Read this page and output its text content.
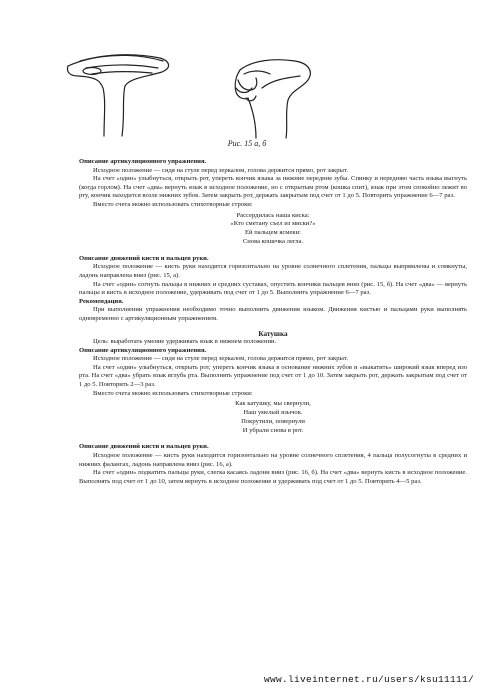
Рис. 15 а, б
Описание артикуляционного упражнения.
Исходное положение — сидя на стуле перед зеркалом, голова держится прямо, рот закрыт.
На счет «один» улыбнуться, открыть рот, упереть кончик языка за нижние передние зубы. Спинку и передняю часть языка выгнуть (когда горлом). На счет «два» вернуть язык в исходное положение, но с открытым ртом (кошка спит), язык при этом спокойно лежит во рту, кончик находится возле нижних зубов. Затем закрыть рот, держать закрытым под счет от 1 до 5. Повторить упражнение 6—7 раз.
Вместо счета можно использовать стихотворные строки:
Рассердилась наша киска:
«Кто сметану съел из миски?»
Ей пальцем ясмеки:
Снова кошечка легла.
Описание движений кисти и пальцев руки.
Исходное положение — кисть руки находится горизонтально на уровне солнечного сплетения, пальцы выпрямлены и сомкнуты, ладонь направлена вниз (рис. 15, а).
На счет «один» согнуть пальцы в нижних и средних суставах, опустить кончики пальцев вниз (рис. 15, б). На счет «два» — вернуть пальцы и кисть в исходное положение, удерживать под счет от 1 до 5. Выполнить упражнение 6—7 раз.
Рекомендация.
При выполнении упражнения необходимо точно выполнить движения языком. Движения кистью и пальцами руки выполнять одновременно с артикуляционным упражнением.
Катушка
Цель: выработать умение удерживать язык в нижнем положении.
Описание артикуляционного упражнения.
Исходное положение — сидя на стуле перед зеркалом, голова держится прямо, рот закрыт.
На счет «один» улыбнуться, открыть рот, упереть кончик языка в основание нижних зубов и «выкатить» широкий язык вперед изо рта. На счет «два» убрать язык вглубь рта. Выполнять упражнение под счет от 1 до 10. Затем закрыть рот, держать закрытым под счет от 1 до 5. Повторить 2—3 раз.
Вместо счета можно использовать стихотворные строки:
Как катушку, мы свернули,
Наш умелый язычок.
Покрутили, повернули
И убрали снова в рот.
Описание движений кисти и пальцев руки.
Исходное положение — кисть руки находится горизонтально на уровне солнечного сплетения, 4 пальца полусогнуты в средних и нижних фалангах, ладонь направлена вниз (рис. 16, а).
На счет «один» подкатить пальцы руки, слегка касаясь ладони вниз (рис. 16, б). На счет «два» вернуть кисть в исходное положение. Выполнять под счет от 1 до 10, затем вернуть в исходное положение и удерживать под счет от 1 до 5. Повторить 4—5 раз.
www.liveinternet.ru/users/ksu11111/
